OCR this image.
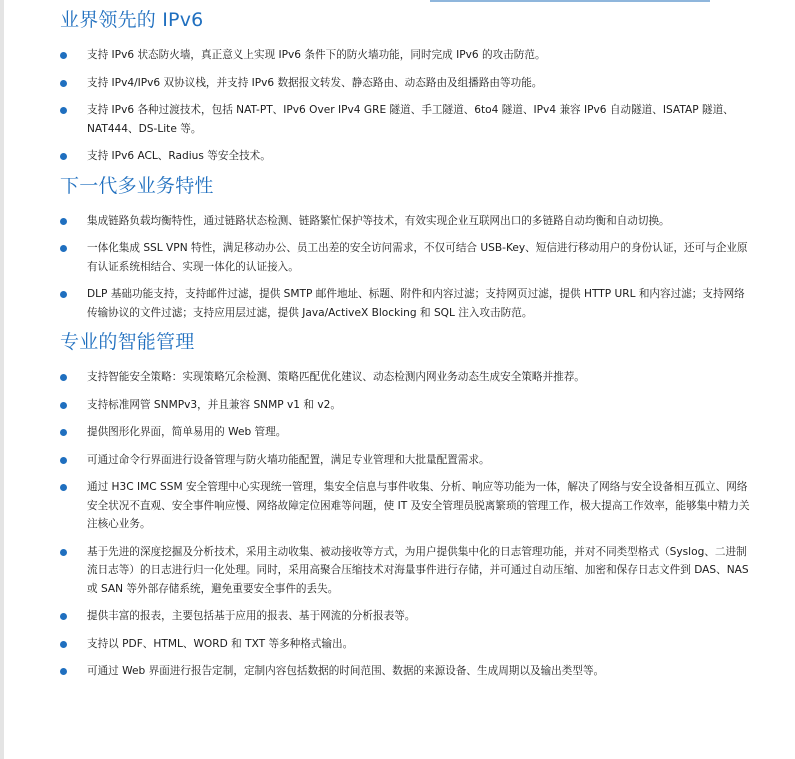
业界领先的 IPv6
支持 IPv6 状态防火墙，真正意义上实现 IPv6 条件下的防火墙功能，同时完成 IPv6 的攻击防范。
支持 IPv4/IPv6 双协议栈，并支持 IPv6 数据报文转发、静态路由、动态路由及组播路由等功能。
支持 IPv6 各种过渡技术，包括 NAT-PT、IPv6 Over IPv4 GRE 隧道、手工隧道、6to4 隧道、IPv4 兼容 IPv6 自动隧道、ISATAP 隧道、NAT444、DS-Lite 等。
支持 IPv6 ACL、Radius 等安全技术。
下一代多业务特性
集成链路负载均衡特性，通过链路状态检测、链路繁忙保护等技术，有效实现企业互联网出口的多链路自动均衡和自动切换。
一体化集成 SSL VPN 特性，满足移动办公、员工出差的安全访问需求，不仅可结合 USB-Key、短信进行移动用户的身份认证，还可与企业原有认证系统相结合、实现一体化的认证接入。
DLP 基础功能支持，支持邮件过滤，提供 SMTP 邮件地址、标题、附件和内容过滤；支持网页过滤，提供 HTTP URL 和内容过滤；支持网络传输协议的文件过滤；支持应用层过滤，提供 Java/ActiveX Blocking 和 SQL 注入攻击防范。
专业的智能管理
支持智能安全策略：实现策略冗余检测、策略匹配优化建议、动态检测内网业务动态生成安全策略并推荐。
支持标准网管 SNMPv3，并且兼容 SNMP v1 和 v2。
提供图形化界面，简单易用的 Web 管理。
可通过命令行界面进行设备管理与防火墙功能配置，满足专业管理和大批量配置需求。
通过 H3C IMC SSM 安全管理中心实现统一管理，集安全信息与事件收集、分析、响应等功能为一体，解决了网络与安全设备相互孤立、网络安全状况不直观、安全事件响应慢、网络故障定位困难等问题，使 IT 及安全管理员脱离繁琐的管理工作，极大提高工作效率，能够集中精力关注核心业务。
基于先进的深度挖掘及分析技术，采用主动收集、被动接收等方式，为用户提供集中化的日志管理功能，并对不同类型格式（Syslog、二进制流日志等）的日志进行归一化处理。同时，采用高聚合压缩技术对海量事件进行存储，并可通过自动压缩、加密和保存日志文件到 DAS、NAS 或 SAN 等外部存储系统，避免重要安全事件的丢失。
提供丰富的报表，主要包括基于应用的报表、基于网流的分析报表等。
支持以 PDF、HTML、WORD 和 TXT 等多种格式输出。
可通过 Web 界面进行报告定制，定制内容包括数据的时间范围、数据的来源设备、生成周期以及输出类型等。
